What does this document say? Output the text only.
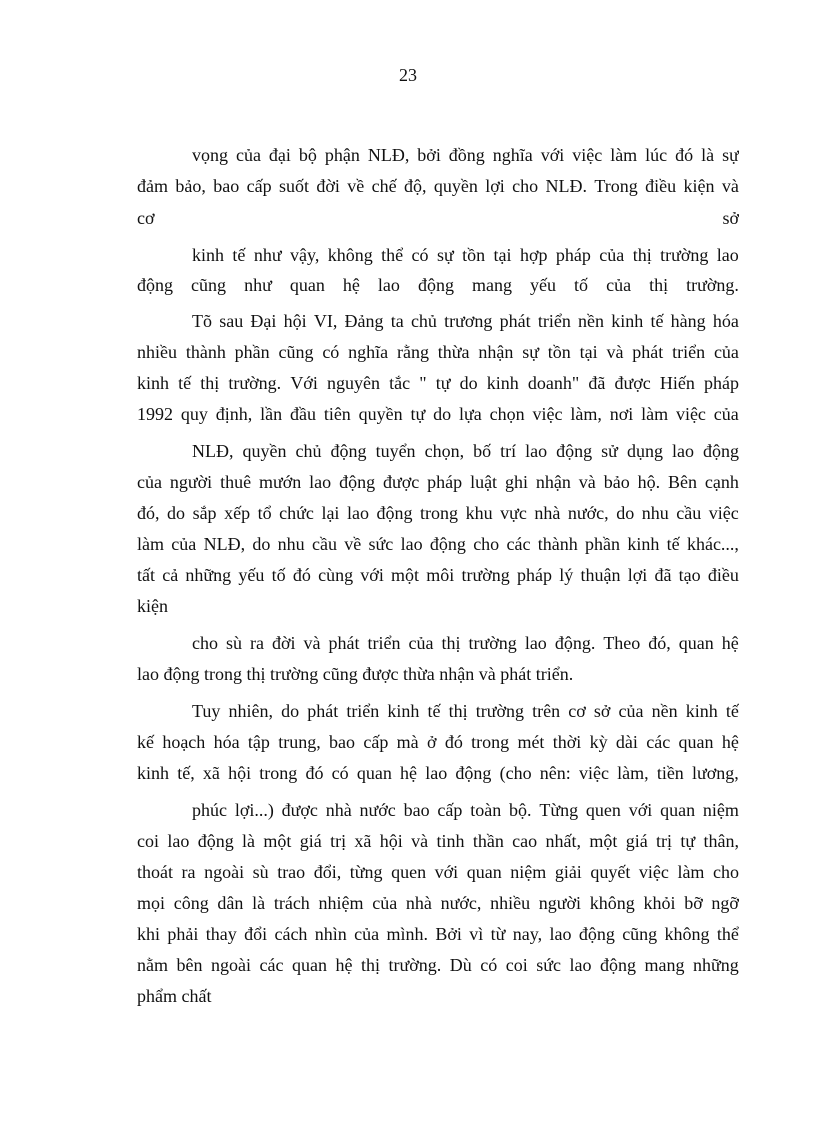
23
vọng của đại bộ phận NLĐ, bởi đồng nghĩa với việc làm lúc đó là sự
đảm bảo, bao cấp suốt đời về chế độ, quyền lợi cho NLĐ. Trong điều kiện và
cơ	sở
kinh tế như vậy, không thể có sự tồn tại hợp pháp của thị trường lao
động cũng như quan hệ lao động mang yếu tố của thị trường.
Tõ sau Đại hội VI, Đảng ta chủ trương phát triển nền kinh tế hàng hóa
nhiều thành phần cũng có nghĩa rằng thừa nhận sự tồn tại và phát triển của
kinh tế thị trường. Với nguyên tắc " tự do kinh doanh" đã được Hiến pháp
1992 quy định, lần đầu tiên quyền tự do lựa chọn việc làm, nơi làm việc của
NLĐ, quyền chủ động tuyển chọn, bố trí lao động sử dụng lao động
của người thuê mướn lao động được pháp luật ghi nhận và bảo hộ. Bên cạnh
đó, do sắp xếp tổ chức lại lao động trong khu vực nhà nước, do nhu cầu việc
làm của NLĐ, do nhu cầu về sức lao động cho các thành phần kinh tế khác...,
tất cả những yếu tố đó cùng với một môi trường pháp lý thuận lợi đã tạo điều
kiện
cho sù ra đời và phát triển của thị trường lao động. Theo đó, quan hệ
lao động trong thị trường cũng được thừa nhận và phát triển.
Tuy nhiên, do phát triển kinh tế thị trường trên cơ sở của nền kinh tế
kế hoạch hóa tập trung, bao cấp mà ở đó trong mét thời kỳ dài các quan hệ
kinh tế, xã hội trong đó có quan hệ lao động (cho nên: việc làm, tiền lương,
phúc lợi...) được nhà nước bao cấp toàn bộ. Từng quen với quan niệm
coi lao động là một giá trị xã hội và tinh thần cao nhất, một giá trị tự thân,
thoát ra ngoài sù trao đổi, từng quen với quan niệm giải quyết việc làm cho
mọi công dân là trách nhiệm của nhà nước, nhiều người không khỏi bỡ ngỡ
khi phải thay đổi cách nhìn của mình. Bởi vì từ nay, lao động cũng không thể
nằm bên ngoài các quan hệ thị trường. Dù có coi sức lao động mang những
phẩm chất
